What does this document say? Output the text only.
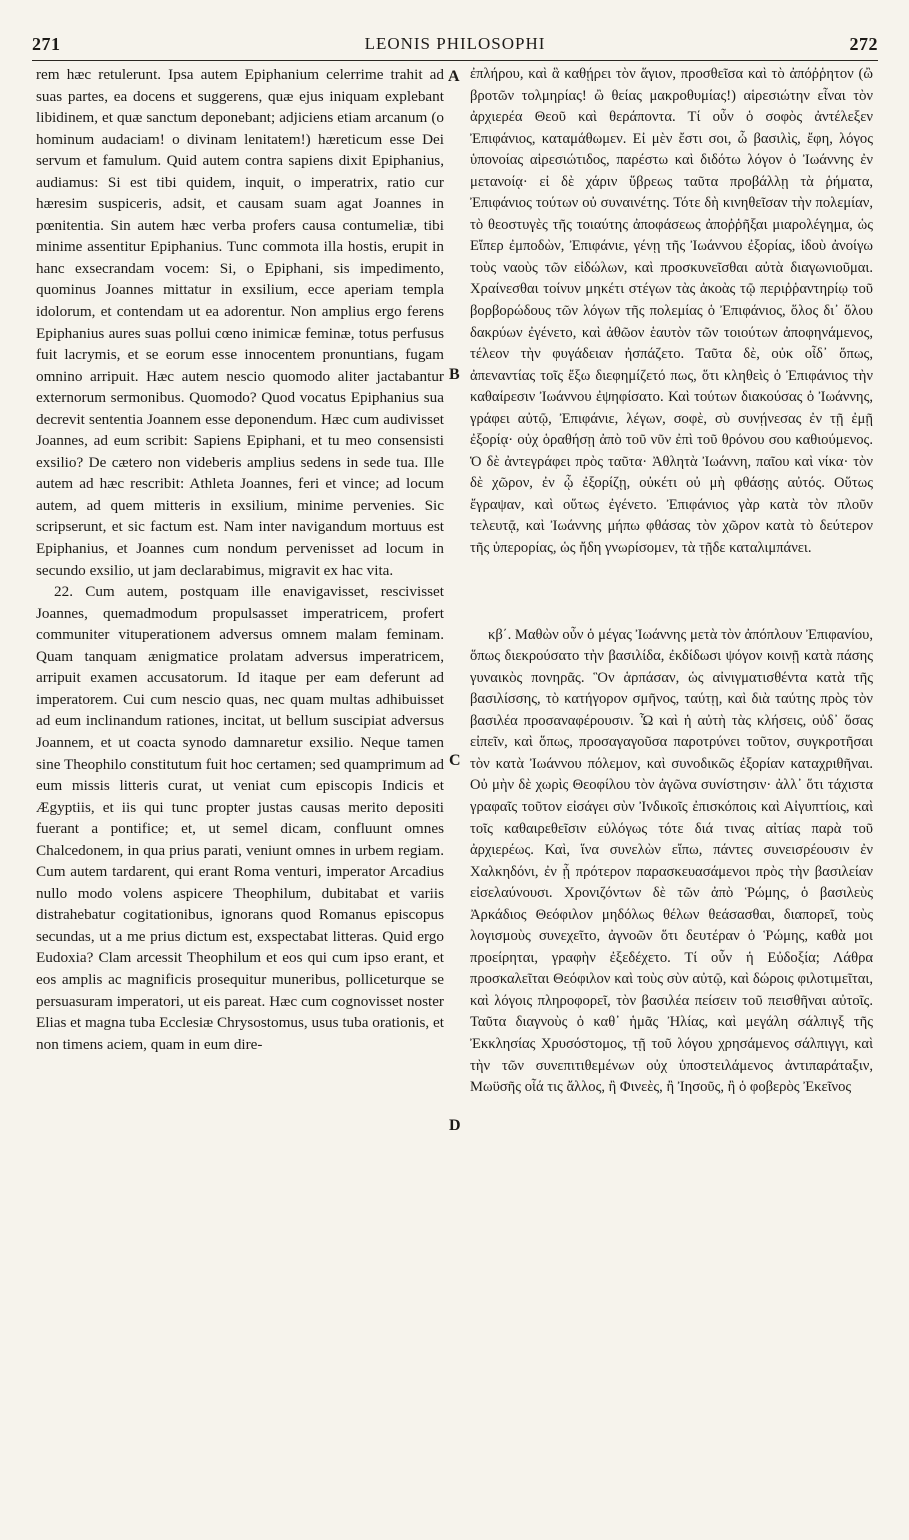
271	LEONIS PHILOSOPHI	272

rem hæc retulerunt. Ipsa autem Epiphanium celerrime trahit ad suas partes, ea docens et suggerens, quæ ejus iniquam explebant libidinem, et quæ sanctum deponebant; adjiciens etiam arcanum (o hominum audaciam! o divinam lenitatem!) hæreticum esse Dei servum et famulum. Quid autem contra sapiens dixit Epiphanius, audiamus: Si est tibi quidem, inquit, o imperatrix, ratio cur hæresim suspiceris, adsit, et causam suam agat Joannes in pœnitentia. Sin autem hæc verba profers causa contumeliæ, tibi minime assentitur Epiphanius. Tunc commota illa hostis, erupit in hanc exsecrandam vocem: Si, o Epiphani, sis impedimento, quominus Joannes mittatur in exsilium, ecce aperiam templa idolorum, et contendam ut ea adorentur. Non amplius ergo ferens Epiphanius aures suas pollui cœno inimicæ feminæ, totus perfusus fuit lacrymis, et se eorum esse innocentem pronuntians, fugam omnino arripuit. Hæc autem nescio quomodo aliter jactabantur externorum sermonibus. Quomodo? Quod vocatus Epiphanius sua decrevit sententia Joannem esse deponendum. Hæc cum audivisset Joannes, ad eum scribit: Sapiens Epiphani, et tu meo consensisti exsilio? De cætero non videberis amplius sedens in sede tua. Ille autem ad hæc rescribit: Athleta Joannes, feri et vince; ad locum autem, ad quem mitteris in exsilium, minime pervenies. Sic scripserunt, et sic factum est. Nam inter navigandum mortuus est Epiphanius, et Joannes cum nondum pervenisset ad locum in secundo exsilio, ut jam declarabimus, migravit ex hac vita.

22. Cum autem, postquam ille enavigavisset, rescivisset Joannes, quemadmodum propulsasset imperatricem, profert communiter vituperationem adversus omnem malam feminam. Quam tanquam ænigmatice prolatam adversus imperatricem, arripuit examen accusatorum. Id itaque per eam deferunt ad imperatorem. Cui cum nescio quas, nec quam multas adhibuisset ad eum inclinandum rationes, incitat, ut bellum suscipiat adversus Joannem, et ut coacta synodo damnaretur exsilio. Neque tamen sine Theophilo constitutum fuit hoc certamen; sed quamprimum ad eum missis litteris curat, ut veniat cum episcopis Indicis et Ægyptiis, et iis qui tunc propter justas causas merito depositi fuerant a pontifice; et, ut semel dicam, confluunt omnes Chalcedonem, in qua prius parati, veniunt omnes in urbem regiam. Cum autem tardarent, qui erant Roma venturi, imperator Arcadius nullo modo volens aspicere Theophilum, dubitabat et variis distrahebatur cogitationibus, ignorans quod Romanus episcopus secundas, ut a me prius dictum est, exspectabat litteras. Quid ergo Eudoxia? Clam arcessit Theophilum et eos qui cum ipso erant, et eos amplis ac magnificis prosequitur muneribus, polliceturque se persuasuram imperatori, ut eis pareat. Hæc cum cognovisset noster Elias et magna tuba Ecclesiæ Chrysostomus, usus tuba orationis, et non timens aciem, quam in eum dire-

ἐπλήρου, καὶ ἃ καθῄρει τὸν ἅγιον, προσθεῖσα καὶ τὸ ἀπόῤῥητον (ὢ βροτῶν τολμηρίας! ὢ θείας μακροθυμίας!) αἱρεσιώτην εἶναι τὸν ἀρχιερέα Θεοῦ καὶ θεράποντα. Τί οὖν ὁ σοφὸς ἀντέλεξεν Ἐπιφάνιος, καταμάθωμεν. Εἰ μὲν ἔστι σοι, ὦ βασιλὶς, ἔφη, λόγος ὑπονοίας αἱρεσιώτιδος, παρέστω καὶ διδότω λόγον ὁ Ἰωάννης ἐν μετανοίᾳ· εἰ δὲ χάριν ὕβρεως ταῦτα προβάλλῃ τὰ ῥήματα, Ἐπιφάνιος τούτων οὐ συναινέτης. Τότε δὴ κινηθεῖσαν τὴν πολεμίαν, τὸ θεοστυγὲς τῆς τοιαύτης ἀποφάσεως ἀποῤῥῆξαι μιαρολέγημα, ὡς Εἴπερ ἐμποδὼν, Ἐπιφάνιε, γένῃ τῆς Ἰωάννου ἐξορίας, ἰδοὺ ἀνοίγω τοὺς ναοὺς τῶν εἰδώλων, καὶ προσκυνεῖσθαι αὐτὰ διαγωνιοῦμαι. Χραίνεσθαι τοίνυν μηκέτι στέγων τὰς ἀκοὰς τῷ περιῤῥαντηρίῳ τοῦ βορβορώδους τῶν λόγων τῆς πολεμίας ὁ Ἐπιφάνιος, ὅλος δι᾽ ὅλου δακρύων ἐγένετο, καὶ ἀθῶον ἑαυτὸν τῶν τοιούτων ἀποφηνάμενος, τέλεον τὴν φυγάδειαν ἠσπάζετο. Ταῦτα δὲ, οὐκ οἶδ᾽ ὅπως, ἀπεναντίας τοῖς ἔξω διεφημίζετό πως, ὅτι κληθεὶς ὁ Ἐπιφάνιος τὴν καθαίρεσιν Ἰωάννου ἐψηφίσατο. Καὶ τούτων διακούσας ὁ Ἰωάννης, γράφει αὐτῷ, Ἐπιφάνιε, λέγων, σοφὲ, σὺ συνῄνεσας ἐν τῇ ἐμῇ ἐξορίᾳ· οὐχ ὁραθήσῃ ἀπὸ τοῦ νῦν ἐπὶ τοῦ θρόνου σου καθιούμενος. Ὁ δὲ ἀντεγράφει πρὸς ταῦτα· Ἀθλητὰ Ἰωάννη, παῖου καὶ νίκα· τὸν δὲ χῶρον, ἐν ᾧ ἐξορίζῃ, οὐκέτι οὐ μὴ φθάσῃς αὐτός. Οὕτως ἔγραψαν, καὶ οὕτως ἐγένετο. Ἐπιφάνιος γὰρ κατὰ τὸν πλοῦν τελευτᾷ, καὶ Ἰωάννης μήπω φθάσας τὸν χῶρον κατὰ τὸ δεύτερον τῆς ὑπερορίας, ὡς ἤδη γνωρίσομεν, τὰ τῇδε καταλιμπάνει.

κβ΄. Μαθὼν οὖν ὁ μέγας Ἰωάννης μετὰ τὸν ἀπόπλουν Ἐπιφανίου, ὅπως διεκρούσατο τὴν βασιλίδα, ἐκδίδωσι ψόγον κοινῇ κατὰ πάσης γυναικὸς πονηρᾶς. Ὃν ἁρπάσαν, ὡς αἰνιγματισθέντα κατὰ τῆς βασιλίσσης, τὸ κατήγορον σμῆνος, ταύτῃ, καὶ διὰ ταύτης πρὸς τὸν βασιλέα προσαναφέρουσιν. Ὧ καὶ ἡ αὐτὴ τὰς κλήσεις, οὐδ᾽ ὅσας εἰπεῖν, καὶ ὅπως, προσαγαγοῦσα παροτρύνει τοῦτον, συγκροτῆσαι τὸν κατὰ Ἰωάννου πόλεμον, καὶ συνοδικῶς ἐξορίαν καταχριθῆναι. Οὐ μὴν δὲ χωρὶς Θεοφίλου τὸν ἀγῶνα συνίστησιν· ἀλλ᾽ ὅτι τάχιστα γραφαῖς τοῦτον εἰσάγει σὺν Ἰνδικοῖς ἐπισκόποις καὶ Αἰγυπτίοις, καὶ τοῖς καθαιρεθεῖσιν εὐλόγως τότε διά τινας αἰτίας παρὰ τοῦ ἀρχιερέως. Καὶ, ἵνα συνελὼν εἴπω, πάντες συνεισρέουσιν ἐν Χαλκηδόνι, ἐν ᾗ πρότερον παρασκευασάμενοι πρὸς τὴν βασιλείαν εἰσελαύνουσι. Χρονιζόντων δὲ τῶν ἀπὸ Ῥώμης, ὁ βασιλεὺς Ἀρκάδιος Θεόφιλον μηδόλως θέλων θεάσασθαι, διαπορεῖ, τοὺς λογισμοὺς συνεχεῖτο, ἀγνοῶν ὅτι δευτέραν ὁ Ῥώμης, καθὰ μοι προείρηται, γραφὴν ἐξεδέχετο. Τί οὖν ἡ Εὐδοξία; Λάθρα προσκαλεῖται Θεόφιλον καὶ τοὺς σὺν αὐτῷ, καὶ δώροις φιλοτιμεῖται, καὶ λόγοις πληροφορεῖ, τὸν βασιλέα πείσειν τοῦ πεισθῆναι αὐτοῖς. Ταῦτα διαγνοὺς ὁ καθ᾽ ἡμᾶς Ἠλίας, καὶ μεγάλη σάλπιγξ τῆς Ἐκκλησίας Χρυσόστομος, τῇ τοῦ λόγου χρησάμενος σάλπιγγι, καὶ τὴν τῶν συνεπιτιθεμένων οὐχ ὑποστειλάμενος ἀντιπαράταξιν, Μωϋσῆς οἷά τις ἄλλος, ἢ Φινεὲς, ἢ Ἰησοῦς, ἢ ὁ φοβερὸς Ἐκεῖνος

A
B
C
D
